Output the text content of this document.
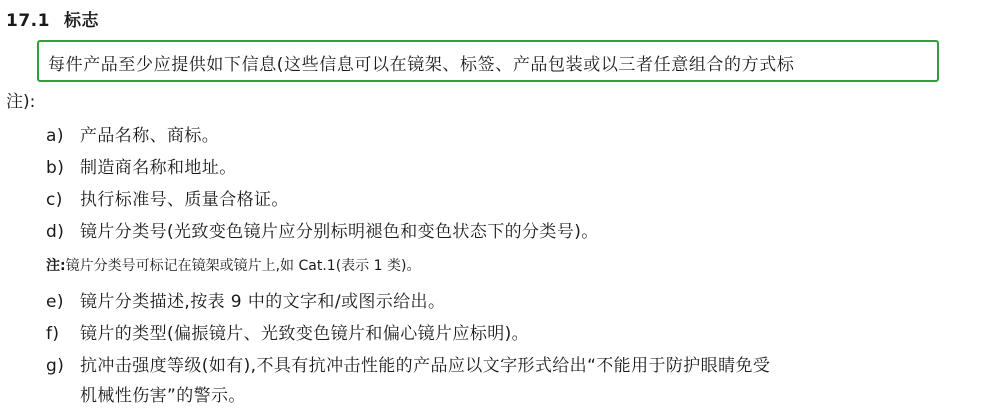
17.1 标志
每件产品至少应提供如下信息(这些信息可以在镜架、标签、产品包装或以三者任意组合的方式标
注):
a) 产品名称、商标。
b) 制造商名称和地址。
c) 执行标准号、质量合格证。
d) 镜片分类号(光致变色镜片应分别标明褪色和变色状态下的分类号)。
注:镜片分类号可标记在镜架或镜片上,如 Cat.1(表示 1 类)。
e) 镜片分类描述,按表 9 中的文字和/或图示给出。
f) 镜片的类型(偏振镜片、光致变色镜片和偏心镜片应标明)。
g) 抗冲击强度等级(如有),不具有抗冲击性能的产品应以文字形式给出“不能用于防护眼睛免受
机械性伤害”的警示。
